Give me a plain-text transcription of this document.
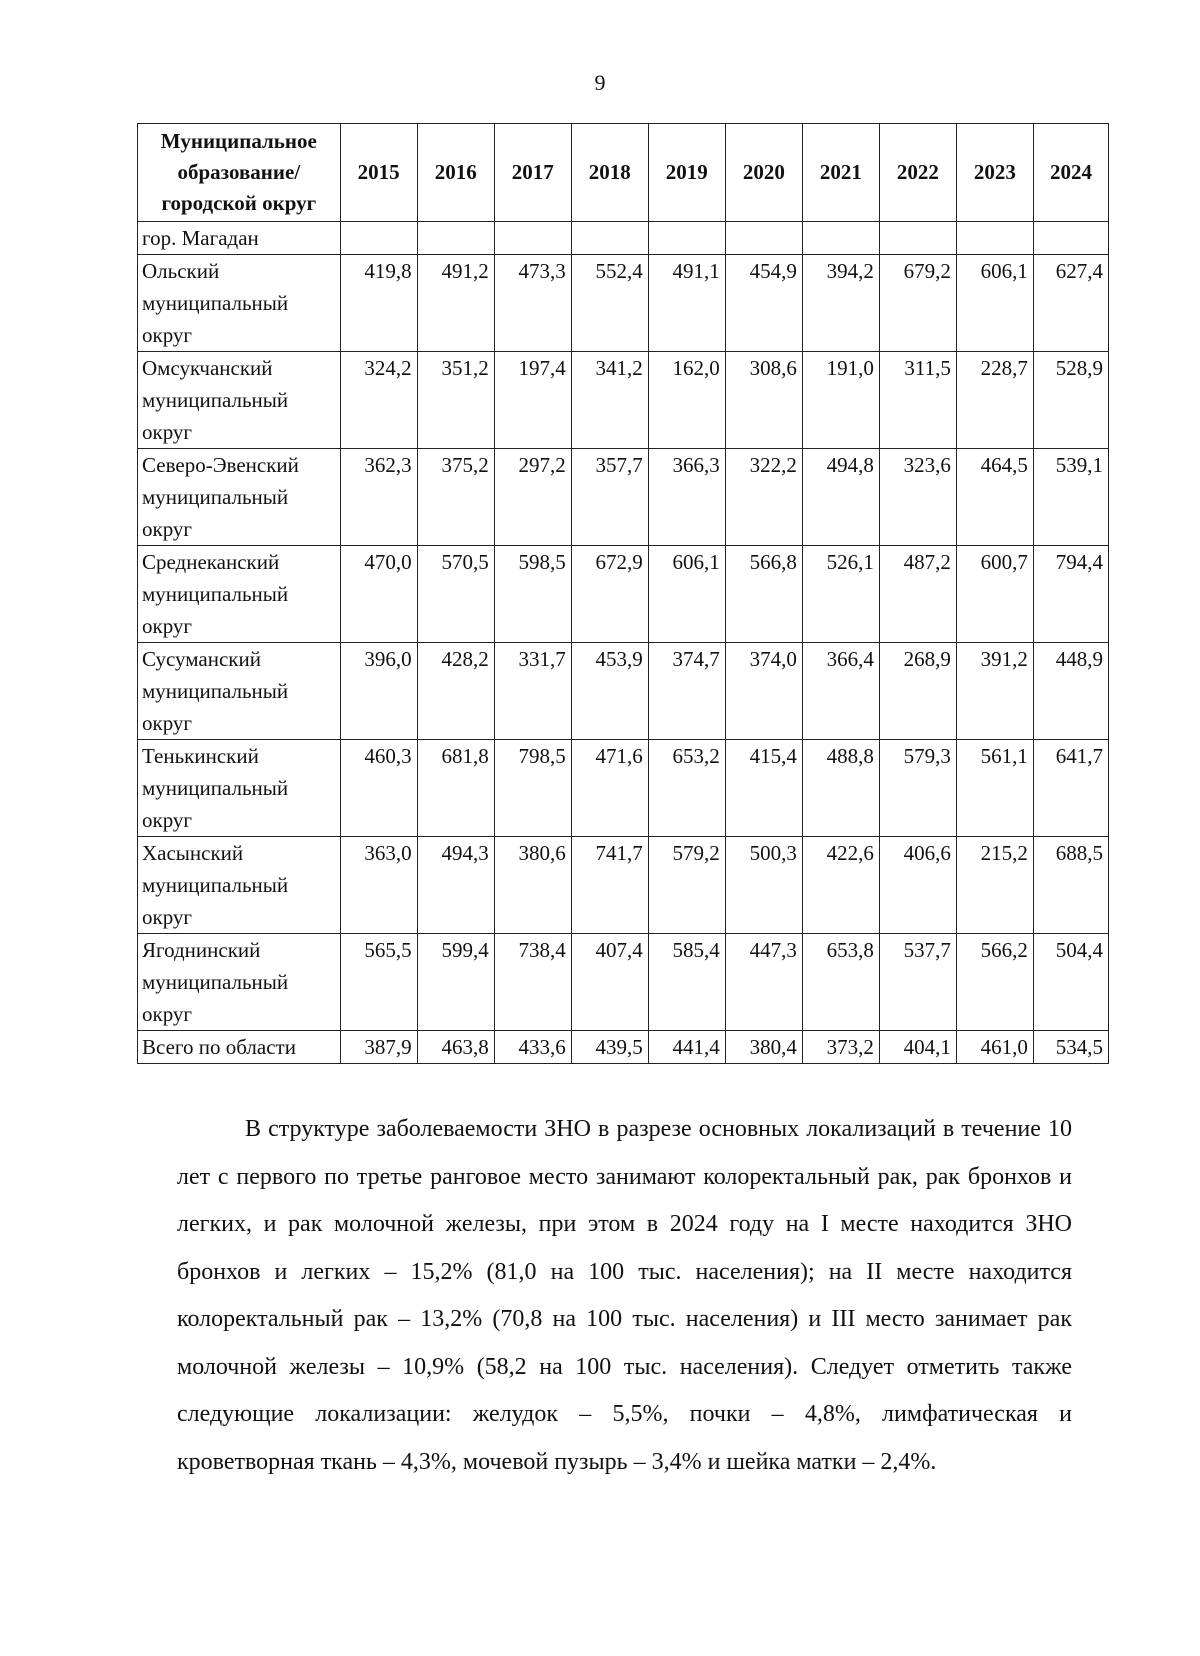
9
Муниципальное образование/городской округ	2015	2016	2017	2018	2019	2020	2021	2022	2023	2024
гор. Магадан										
Ольский муниципальный округ	419,8	491,2	473,3	552,4	491,1	454,9	394,2	679,2	606,1	627,4
Омсукчанский муниципальный округ	324,2	351,2	197,4	341,2	162,0	308,6	191,0	311,5	228,7	528,9
Северо-Эвенский муниципальный округ	362,3	375,2	297,2	357,7	366,3	322,2	494,8	323,6	464,5	539,1
Среднеканский муниципальный округ	470,0	570,5	598,5	672,9	606,1	566,8	526,1	487,2	600,7	794,4
Сусуманский муниципальный округ	396,0	428,2	331,7	453,9	374,7	374,0	366,4	268,9	391,2	448,9
Тенькинский муниципальный округ	460,3	681,8	798,5	471,6	653,2	415,4	488,8	579,3	561,1	641,7
Хасынский муниципальный округ	363,0	494,3	380,6	741,7	579,2	500,3	422,6	406,6	215,2	688,5
Ягоднинский муниципальный округ	565,5	599,4	738,4	407,4	585,4	447,3	653,8	537,7	566,2	504,4
Всего по области	387,9	463,8	433,6	439,5	441,4	380,4	373,2	404,1	461,0	534,5

В структуре заболеваемости ЗНО в разрезе основных локализаций в течение 10 лет с первого по третье ранговое место занимают колоректальный рак, рак бронхов и легких, и рак молочной железы, при этом в 2024 году на I месте находится ЗНО бронхов и легких – 15,2% (81,0 на 100 тыс. населения); на II месте находится колоректальный рак – 13,2% (70,8 на 100 тыс. населения) и III место занимает рак молочной железы – 10,9% (58,2 на 100 тыс. населения). Следует отметить также следующие локализации: желудок – 5,5%, почки – 4,8%, лимфатическая и кроветворная ткань – 4,3%, мочевой пузырь – 3,4% и шейка матки – 2,4%.
